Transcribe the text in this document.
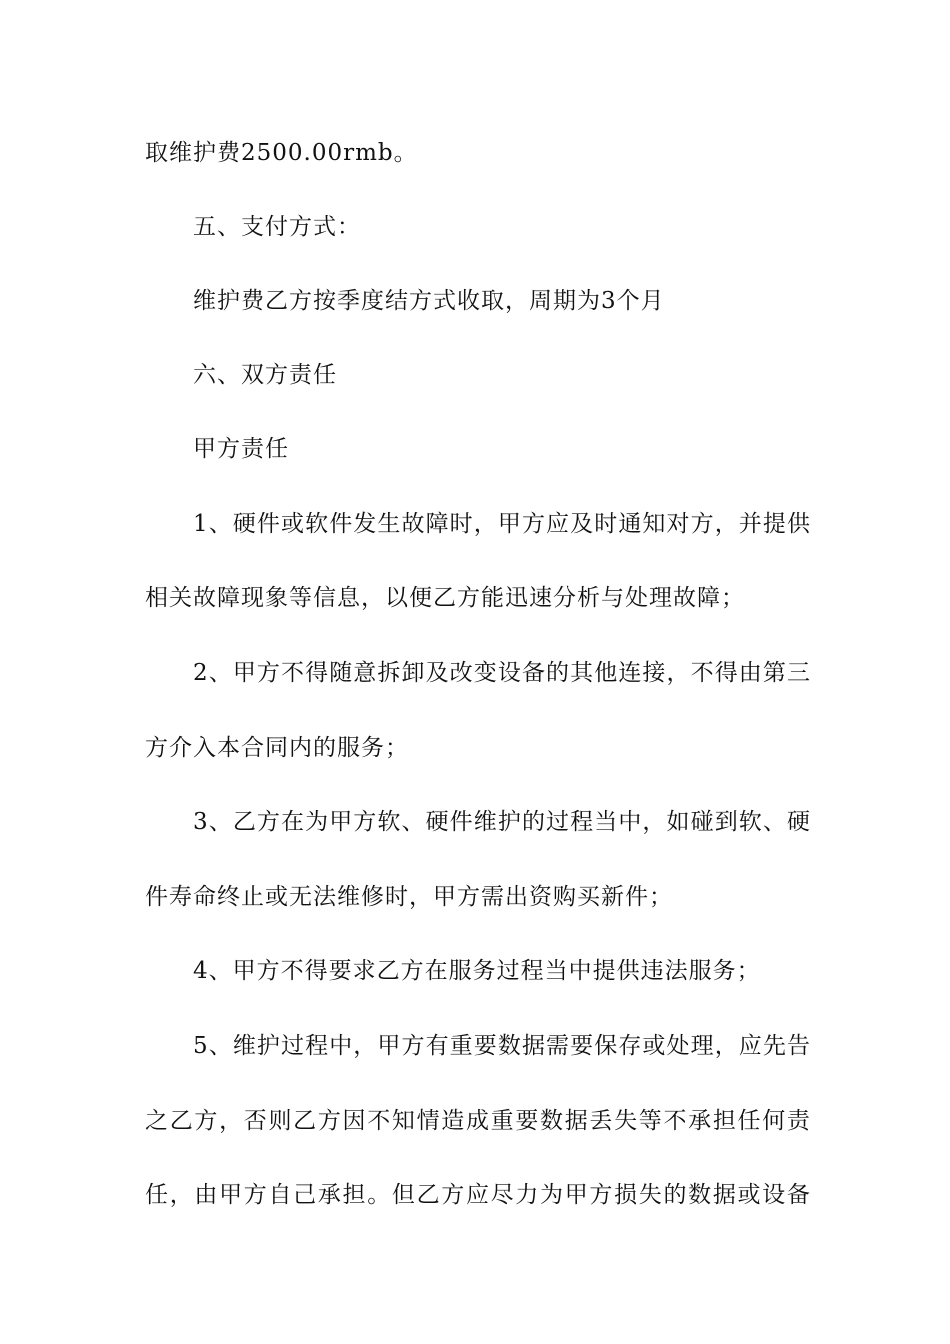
取维护费2500.00rmb。
五、支付方式：
维护费乙方按季度结方式收取，周期为3个月
六、双方责任
甲方责任
1 、 硬 件 或 软 件 发 生 故 障 时 ， 甲 方 应 及 时 通 知 对 方 ， 并 提 供
相关故障现象等信息，以便乙方能迅速分析与处理故障；
2 、 甲 方 不 得 随 意 拆 卸 及 改 变 设 备 的 其 他 连 接 ， 不 得 由 第 三
方介入本合同内的服务；
3 、 乙 方 在 为 甲 方 软 、 硬 件 维 护 的 过 程 当 中 ， 如 碰 到 软 、 硬
件寿命终止或无法维修时，甲方需出资购买新件；
4、甲方不得要求乙方在服务过程当中提供违法服务；
5 、 维 护 过 程 中 ， 甲 方 有 重 要 数 据 需 要 保 存 或 处 理 ， 应 先 告
之 乙 方 ， 否 则 乙 方 因 不 知 情 造 成 重 要 数 据 丢 失 等 不 承 担 任 何 责
任 ， 由 甲 方 自 己 承 担 。 但 乙 方 应 尽 力 为 甲 方 损 失 的 数 据 或 设 备
